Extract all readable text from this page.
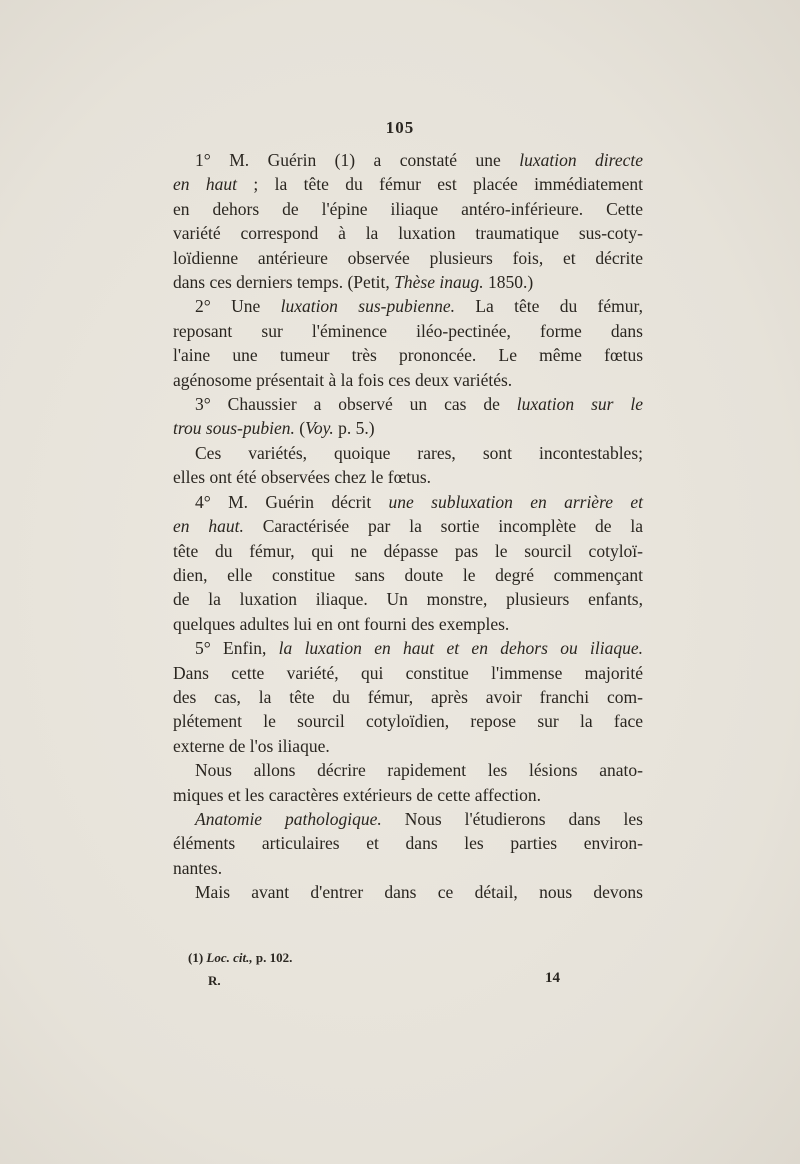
105
1° M. Guérin (1) a constaté une luxation directe
en haut ; la tête du fémur est placée immédiatement
en dehors de l'épine iliaque antéro-inférieure. Cette
variété correspond à la luxation traumatique sus-coty-
loïdienne antérieure observée plusieurs fois, et décrite
dans ces derniers temps. (Petit, Thèse inaug. 1850.)
2° Une luxation sus-pubienne. La tête du fémur,
reposant sur l'éminence iléo-pectinée, forme dans
l'aine une tumeur très prononcée. Le même fœtus
agénosome présentait à la fois ces deux variétés.
3° Chaussier a observé un cas de luxation sur le
trou sous-pubien. (Voy. p. 5.)
Ces variétés, quoique rares, sont incontestables;
elles ont été observées chez le fœtus.
4° M. Guérin décrit une subluxation en arrière et
en haut. Caractérisée par la sortie incomplète de la
tête du fémur, qui ne dépasse pas le sourcil cotyloï-
dien, elle constitue sans doute le degré commençant
de la luxation iliaque. Un monstre, plusieurs enfants,
quelques adultes lui en ont fourni des exemples.
5° Enfin, la luxation en haut et en dehors ou iliaque.
Dans cette variété, qui constitue l'immense majorité
des cas, la tête du fémur, après avoir franchi com-
plétement le sourcil cotyloïdien, repose sur la face
externe de l'os iliaque.
Nous allons décrire rapidement les lésions anato-
miques et les caractères extérieurs de cette affection.
Anatomie pathologique. Nous l'étudierons dans les
éléments articulaires et dans les parties environ-
nantes.
Mais avant d'entrer dans ce détail, nous devons
(1) Loc. cit., p. 102.
R.	14
